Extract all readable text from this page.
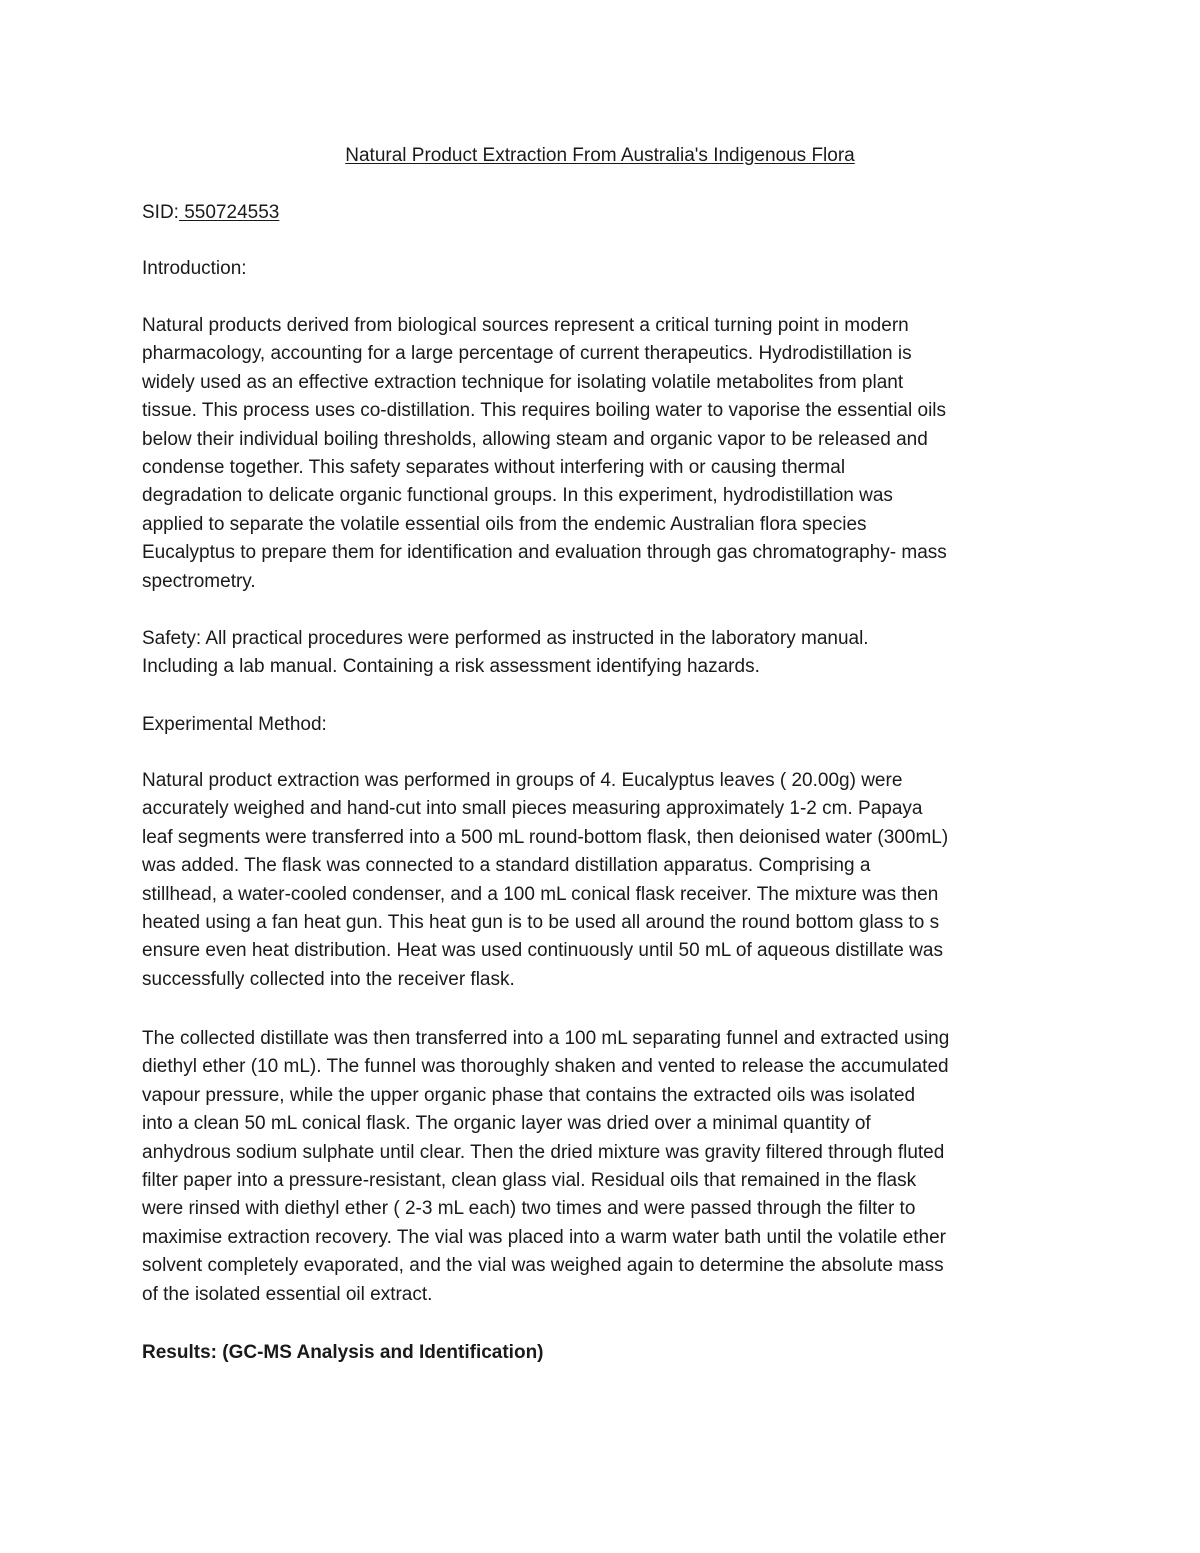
Natural Product Extraction From Australia's Indigenous Flora
SID: 550724553
Introduction:
Natural products derived from biological sources represent a critical turning point in modern
pharmacology, accounting for a large percentage of current therapeutics. Hydrodistillation is
widely used as an effective extraction technique for isolating volatile metabolites from plant
tissue. This process uses co-distillation. This requires boiling water to vaporise the essential oils
below their individual boiling thresholds, allowing steam and organic vapor to be released and
condense together. This safety separates without interfering with or causing thermal
degradation to delicate organic functional groups. In this experiment, hydrodistillation was
applied to separate the volatile essential oils from the endemic Australian flora species
Eucalyptus to prepare them for identification and evaluation through gas chromatography- mass
spectrometry.
Safety: All practical procedures were performed as instructed in the laboratory manual.
Including a lab manual. Containing a risk assessment identifying hazards.
Experimental Method:
Natural product extraction was performed in groups of 4. Eucalyptus leaves ( 20.00g) were
accurately weighed and hand-cut into small pieces measuring approximately 1-2 cm. Papaya
leaf segments were transferred into a 500 mL round-bottom flask, then deionised water (300mL)
was added. The flask was connected to a standard distillation apparatus. Comprising a
stillhead, a water-cooled condenser, and a 100 mL conical flask receiver. The mixture was then
heated using a fan heat gun. This heat gun is to be used all around the round bottom glass to s
ensure even heat distribution. Heat was used continuously until 50 mL of aqueous distillate was
successfully collected into the receiver flask.
The collected distillate was then transferred into a 100 mL separating funnel and extracted using
diethyl ether (10 mL). The funnel was thoroughly shaken and vented to release the accumulated
vapour pressure, while the upper organic phase that contains the extracted oils was isolated
into a clean 50 mL conical flask. The organic layer was dried over a minimal quantity of
anhydrous sodium sulphate until clear. Then the dried mixture was gravity filtered through fluted
filter paper into a pressure-resistant, clean glass vial. Residual oils that remained in the flask
were rinsed with diethyl ether ( 2-3 mL each) two times and were passed through the filter to
maximise extraction recovery. The vial was placed into a warm water bath until the volatile ether
solvent completely evaporated, and the vial was weighed again to determine the absolute mass
of the isolated essential oil extract.
Results: (GC-MS Analysis and Identification)
